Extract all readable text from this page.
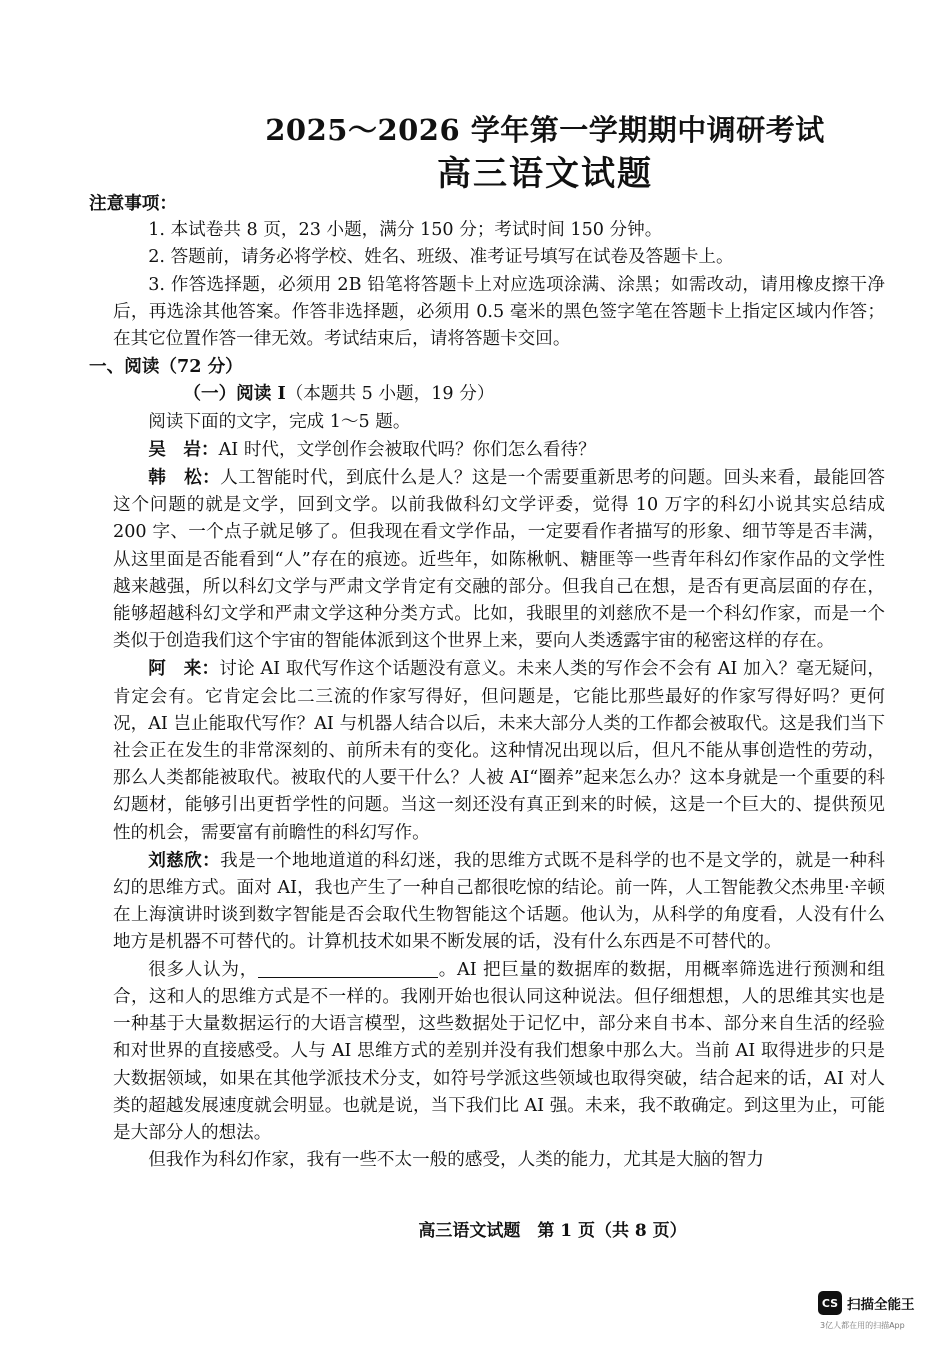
2025～2026 学年第一学期期中调研考试
高三语文试题

注意事项：

1. 本试卷共 8 页，23 小题，满分 150 分；考试时间 150 分钟。

2. 答题前，请务必将学校、姓名、班级、准考证号填写在试卷及答题卡上。

3. 作答选择题，必须用 2B 铅笔将答题卡上对应选项涂满、涂黑；如需改动，请用橡皮擦干净后，再选涂其他答案。作答非选择题，必须用 0.5 毫米的黑色签字笔在答题卡上指定区域内作答；在其它位置作答一律无效。考试结束后，请将答题卡交回。

一、阅读（72 分）

（一）阅读 Ⅰ（本题共 5 小题，19 分）

阅读下面的文字，完成 1～5 题。

吴　岩：AI 时代，文学创作会被取代吗？你们怎么看待？

韩　松：人工智能时代，到底什么是人？这是一个需要重新思考的问题。回头来看，最能回答这个问题的就是文学，回到文学。以前我做科幻文学评委，觉得 10 万字的科幻小说其实总结成 200 字、一个点子就足够了。但我现在看文学作品，一定要看作者描写的形象、细节等是否丰满，从这里面是否能看到“人”存在的痕迹。近些年，如陈楸帆、糖匪等一些青年科幻作家作品的文学性越来越强，所以科幻文学与严肃文学肯定有交融的部分。但我自己在想，是否有更高层面的存在，能够超越科幻文学和严肃文学这种分类方式。比如，我眼里的刘慈欣不是一个科幻作家，而是一个类似于创造我们这个宇宙的智能体派到这个世界上来，要向人类透露宇宙的秘密这样的存在。

阿　来：讨论 AI 取代写作这个话题没有意义。未来人类的写作会不会有 AI 加入？毫无疑问，肯定会有。它肯定会比二三流的作家写得好，但问题是，它能比那些最好的作家写得好吗？更何况，AI 岂止能取代写作？AI 与机器人结合以后，未来大部分人类的工作都会被取代。这是我们当下社会正在发生的非常深刻的、前所未有的变化。这种情况出现以后，但凡不能从事创造性的劳动，那么人类都能被取代。被取代的人要干什么？人被 AI“圈养”起来怎么办？这本身就是一个重要的科幻题材，能够引出更哲学性的问题。当这一刻还没有真正到来的时候，这是一个巨大的、提供预见性的机会，需要富有前瞻性的科幻写作。

刘慈欣：我是一个地地道道的科幻迷，我的思维方式既不是科学的也不是文学的，就是一种科幻的思维方式。面对 AI，我也产生了一种自己都很吃惊的结论。前一阵，人工智能教父杰弗里·辛顿在上海演讲时谈到数字智能是否会取代生物智能这个话题。他认为，从科学的角度看，人没有什么地方是机器不可替代的。计算机技术如果不断发展的话，没有什么东西是不可替代的。

很多人认为，	。AI 把巨量的数据库的数据，用概率筛选进行预测和组合，这和人的思维方式是不一样的。我刚开始也很认同这种说法。但仔细想想，人的思维其实也是一种基于大量数据运行的大语言模型，这些数据处于记忆中，部分来自书本、部分来自生活的经验和对世界的直接感受。人与 AI 思维方式的差别并没有我们想象中那么大。当前 AI 取得进步的只是大数据领域，如果在其他学派技术分支，如符号学派这些领域也取得突破，结合起来的话，AI 对人类的超越发展速度就会明显。也就是说，当下我们比 AI 强。未来，我不敢确定。到这里为止，可能是大部分人的想法。

但我作为科幻作家，我有一些不太一般的感受，人类的能力，尤其是大脑的智力

高三语文试题　第 1 页（共 8 页）
CS 扫描全能王
3亿人都在用的扫描App
